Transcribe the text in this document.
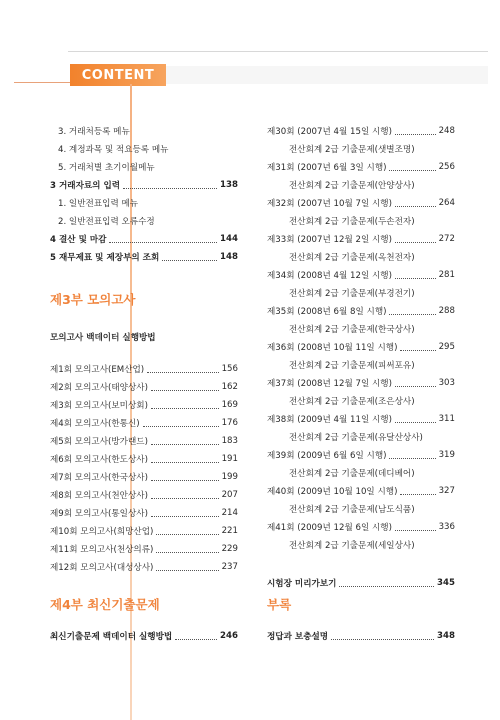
CONTENT
3. 거래처등록 메뉴
4. 계정과목 및 적요등록 메뉴
5. 거래처별 초기이월메뉴
3 거래자료의 입력	138
1. 일반전표입력 메뉴
2. 일반전표입력 오류수정
4 결산 및 마감	144
5 재무제표 및 제장부의 조회	148
제3부 모의고사
모의고사 백데이터 실행방법
제1회 모의고사(EM산업)	156
제2회 모의고사(태양상사)	162
제3회 모의고사(보미상회)	169
제4회 모의고사(한통신)	176
제5회 모의고사(방가랜드)	183
제6회 모의고사(한도상사)	191
제7회 모의고사(한국상사)	199
제8회 모의고사(천안상사)	207
제9회 모의고사(통일상사)	214
제10회 모의고사(희망산업)	221
제11회 모의고사(천상의류)	229
제12회 모의고사(대성상사)	237
제4부 최신기출문제
최신기출문제 백데이터 실행방법	246
제30회 (2007년 4월 15일 시행)	248
전산회계 2급 기출문제(샛별조명)
제31회 (2007년 6월 3일 시행)	256
전산회계 2급 기출문제(안양상사)
제32회 (2007년 10월 7일 시행)	264
전산회계 2급 기출문제(두손전자)
제33회 (2007년 12월 2일 시행)	272
전산회계 2급 기출문제(옥천전자)
제34회 (2008년 4월 12일 시행)	281
전산회계 2급 기출문제(부경전기)
제35회 (2008년 6월 8일 시행)	288
전산회계 2급 기출문제(한국상사)
제36회 (2008년 10월 11일 시행)	295
전산회계 2급 기출문제(피써포유)
제37회 (2008년 12월 7일 시행)	303
전산회계 2급 기출문제(조은상사)
제38회 (2009년 4월 11일 시행)	311
전산회계 2급 기출문제(유달산상사)
제39회 (2009년 6월 6일 시행)	319
전산회계 2급 기출문제(데디베어)
제40회 (2009년 10월 10일 시행)	327
전산회계 2급 기출문제(남도식품)
제41회 (2009년 12월 6일 시행)	336
전산회계 2급 기출문제(세일상사)
시험장 미리가보기	345
부록
정답과 보충설명	348
